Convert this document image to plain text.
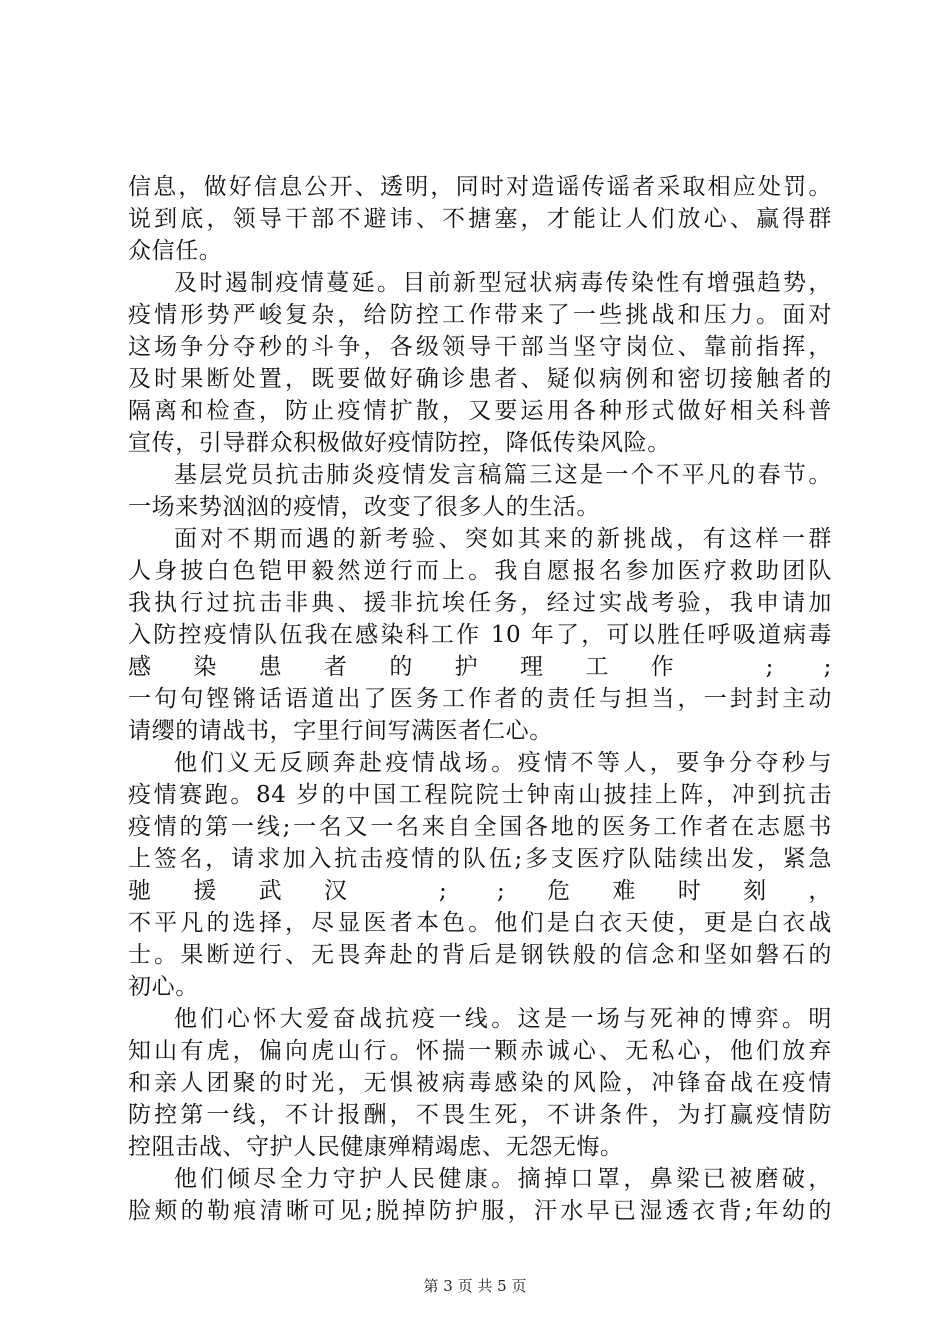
信息，做好信息公开、透明，同时对造谣传谣者采取相应处罚。
说到底，领导干部不避讳、不搪塞，才能让人们放心、赢得群
众信任。
及时遏制疫情蔓延。目前新型冠状病毒传染性有增强趋势，
疫情形势严峻复杂，给防控工作带来了一些挑战和压力。面对
这场争分夺秒的斗争，各级领导干部当坚守岗位、靠前指挥，
及时果断处置，既要做好确诊患者、疑似病例和密切接触者的
隔离和检查，防止疫情扩散，又要运用各种形式做好相关科普
宣传，引导群众积极做好疫情防控，降低传染风险。
基层党员抗击肺炎疫情发言稿篇三这是一个不平凡的春节。
一场来势汹汹的疫情，改变了很多人的生活。
面对不期而遇的新考验、突如其来的新挑战，有这样一群
人身披白色铠甲毅然逆行而上。我自愿报名参加医疗救助团队
我执行过抗击非典、援非抗埃任务，经过实战考验，我申请加
入防控疫情队伍我在感染科工作 10 年了，可以胜任呼吸道病毒
感染患者的护理工作 ; ;
一句句铿锵话语道出了医务工作者的责任与担当，一封封主动
请缨的请战书，字里行间写满医者仁心。
他们义无反顾奔赴疫情战场。疫情不等人，要争分夺秒与
疫情赛跑。84 岁的中国工程院院士钟南山披挂上阵，冲到抗击
疫情的第一线;一名又一名来自全国各地的医务工作者在志愿书
上签名，请求加入抗击疫情的队伍;多支医疗队陆续出发，紧急
驰援武汉 ; ;危难时刻，
不平凡的选择，尽显医者本色。他们是白衣天使，更是白衣战
士。果断逆行、无畏奔赴的背后是钢铁般的信念和坚如磐石的
初心。
他们心怀大爱奋战抗疫一线。这是一场与死神的博弈。明
知山有虎，偏向虎山行。怀揣一颗赤诚心、无私心，他们放弃
和亲人团聚的时光，无惧被病毒感染的风险，冲锋奋战在疫情
防控第一线，不计报酬，不畏生死，不讲条件，为打赢疫情防
控阻击战、守护人民健康殚精竭虑、无怨无悔。
他们倾尽全力守护人民健康。摘掉口罩，鼻梁已被磨破，
脸颊的勒痕清晰可见;脱掉防护服，汗水早已湿透衣背;年幼的
第 3 页 共 5 页
